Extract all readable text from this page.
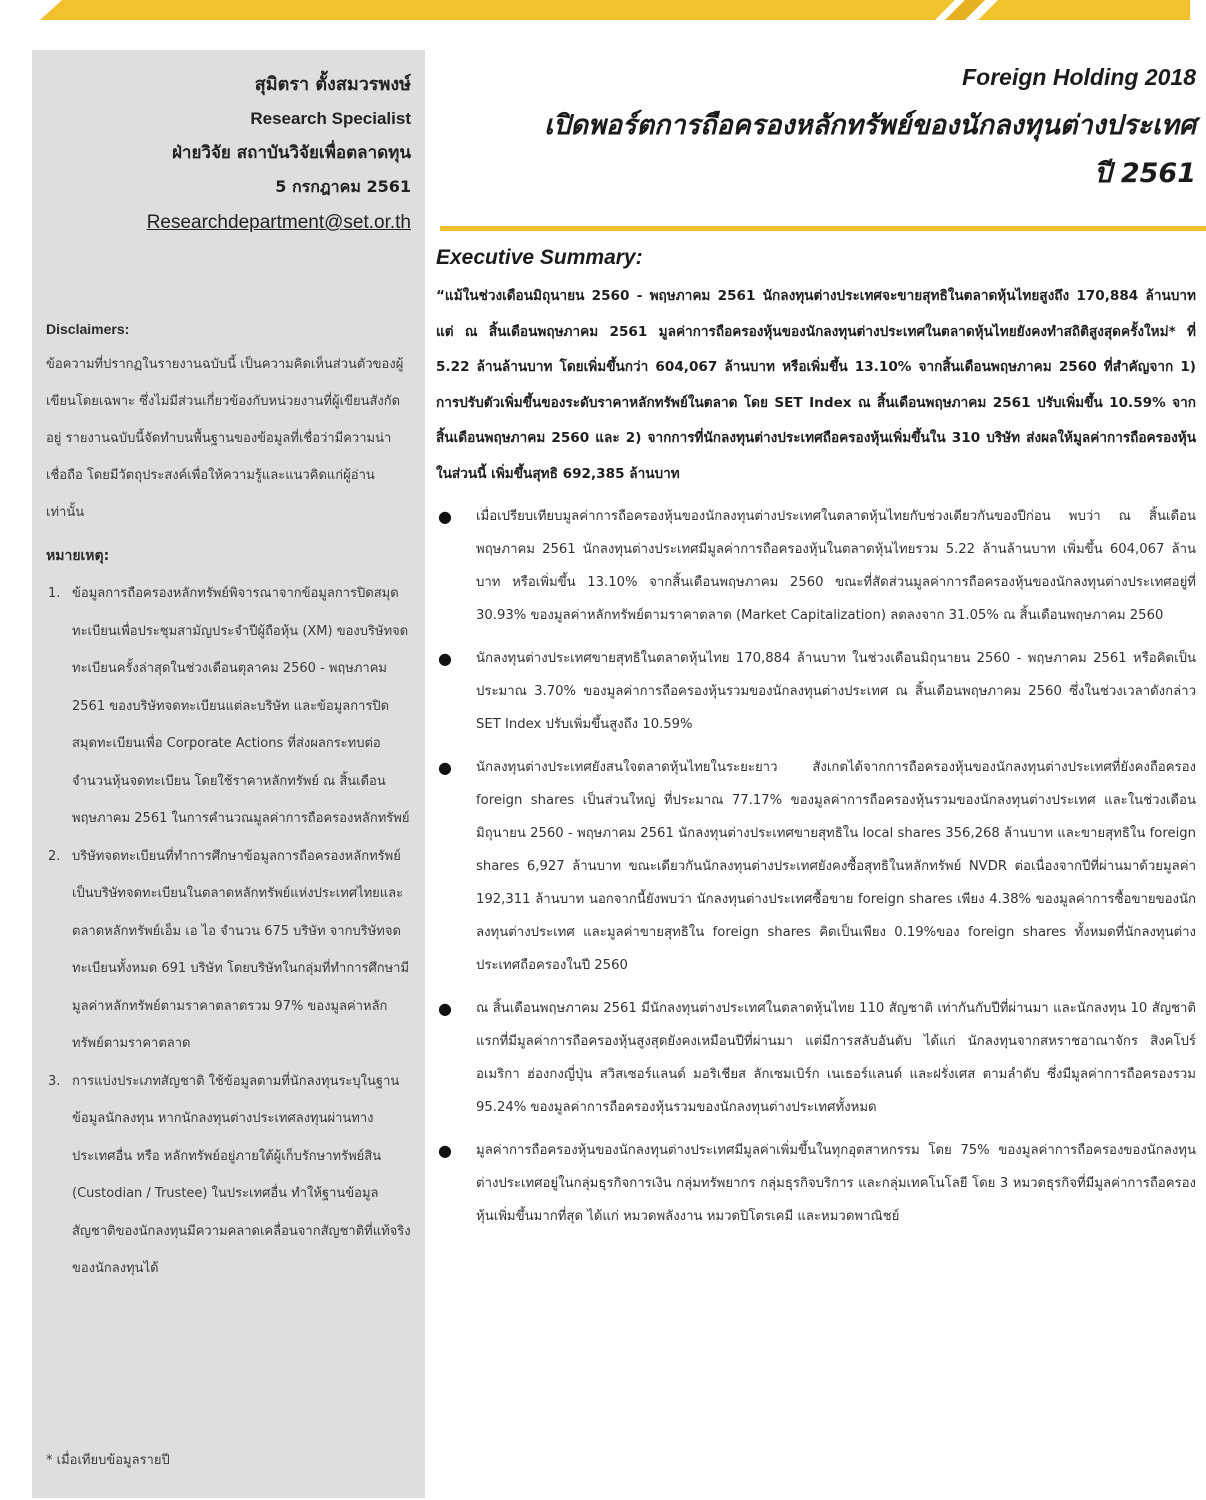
สุมิตรา ตั้งสมวรพงษ์
Research Specialist
ฝ่ายวิจัย สถาบันวิจัยเพื่อตลาดทุน
5 กรกฎาคม 2561
Researchdepartment@set.or.th
Disclaimers:
ข้อความที่ปรากฏในรายงานฉบับนี้ เป็นความคิดเห็นส่วนตัวของผู้เขียนโดยเฉพาะ ซึ่งไม่มีส่วนเกี่ยวข้องกับหน่วยงานที่ผู้เขียนสังกัดอยู่ รายงานฉบับนี้จัดทำบนพื้นฐานของข้อมูลที่เชื่อว่ามีความน่าเชื่อถือ โดยมีวัตถุประสงค์เพื่อให้ความรู้และแนวคิดแก่ผู้อ่านเท่านั้น
หมายเหตุ:
1. ข้อมูลการถือครองหลักทรัพย์พิจารณาจากข้อมูลการปิดสมุดทะเบียนเพื่อประชุมสามัญประจำปีผู้ถือหุ้น (XM) ของบริษัทจดทะเบียนครั้งล่าสุดในช่วงเดือนตุลาคม 2560 - พฤษภาคม 2561 ของบริษัทจดทะเบียนแต่ละบริษัท และข้อมูลการปิดสมุดทะเบียนเพื่อ Corporate Actions ที่ส่งผลกระทบต่อจำนวนหุ้นจดทะเบียน โดยใช้ราคาหลักทรัพย์ ณ สิ้นเดือนพฤษภาคม 2561 ในการคำนวณมูลค่าการถือครองหลักทรัพย์
2. บริษัทจดทะเบียนที่ทำการศึกษาข้อมูลการถือครองหลักทรัพย์เป็นบริษัทจดทะเบียนในตลาดหลักทรัพย์แห่งประเทศไทยและตลาดหลักทรัพย์เอ็ม เอ ไอ จำนวน 675 บริษัท จากบริษัทจดทะเบียนทั้งหมด 691 บริษัท โดยบริษัทในกลุ่มที่ทำการศึกษามีมูลค่าหลักทรัพย์ตามราคาตลาดรวม 97% ของมูลค่าหลักทรัพย์ตามราคาตลาด
3. การแบ่งประเภทสัญชาติ ใช้ข้อมูลตามที่นักลงทุนระบุในฐานข้อมูลนักลงทุน หากนักลงทุนต่างประเทศลงทุนผ่านทางประเทศอื่น หรือ หลักทรัพย์อยู่ภายใต้ผู้เก็บรักษาทรัพย์สิน (Custodian / Trustee) ในประเทศอื่น ทำให้ฐานข้อมูลสัญชาติของนักลงทุนมีความคลาดเคลื่อนจากสัญชาติที่แท้จริงของนักลงทุนได้
* เมื่อเทียบข้อมูลรายปี
Foreign Holding 2018
เปิดพอร์ตการถือครองหลักทรัพย์ของนักลงทุนต่างประเทศ
ปี 2561
Executive Summary:
“แม้ในช่วงเดือนมิถุนายน 2560 - พฤษภาคม 2561 นักลงทุนต่างประเทศจะขายสุทธิในตลาดหุ้นไทยสูงถึง 170,884 ล้านบาท แต่ ณ สิ้นเดือนพฤษภาคม 2561 มูลค่าการถือครองหุ้นของนักลงทุนต่างประเทศในตลาดหุ้นไทยยังคงทำสถิติสูงสุดครั้งใหม่* ที่ 5.22 ล้านล้านบาท โดยเพิ่มขึ้นกว่า 604,067 ล้านบาท หรือเพิ่มขึ้น 13.10% จากสิ้นเดือนพฤษภาคม 2560 ที่สำคัญจาก 1) การปรับตัวเพิ่มขึ้นของระดับราคาหลักทรัพย์ในตลาด โดย SET Index ณ สิ้นเดือนพฤษภาคม 2561 ปรับเพิ่มขึ้น 10.59% จากสิ้นเดือนพฤษภาคม 2560 และ 2) จากการที่นักลงทุนต่างประเทศถือครองหุ้นเพิ่มขึ้นใน 310 บริษัท ส่งผลให้มูลค่าการถือครองหุ้นในส่วนนี้ เพิ่มขึ้นสุทธิ 692,385 ล้านบาท
● เมื่อเปรียบเทียบมูลค่าการถือครองหุ้นของนักลงทุนต่างประเทศในตลาดหุ้นไทยกับช่วงเดียวกันของปีก่อน พบว่า ณ สิ้นเดือนพฤษภาคม 2561 นักลงทุนต่างประเทศมีมูลค่าการถือครองหุ้นในตลาดหุ้นไทยรวม 5.22 ล้านล้านบาท เพิ่มขึ้น 604,067 ล้านบาท หรือเพิ่มขึ้น 13.10% จากสิ้นเดือนพฤษภาคม 2560 ขณะที่สัดส่วนมูลค่าการถือครองหุ้นของนักลงทุนต่างประเทศอยู่ที่ 30.93% ของมูลค่าหลักทรัพย์ตามราคาตลาด (Market Capitalization) ลดลงจาก 31.05% ณ สิ้นเดือนพฤษภาคม 2560
● นักลงทุนต่างประเทศขายสุทธิในตลาดหุ้นไทย 170,884 ล้านบาท ในช่วงเดือนมิถุนายน 2560 - พฤษภาคม 2561 หรือคิดเป็นประมาณ 3.70% ของมูลค่าการถือครองหุ้นรวมของนักลงทุนต่างประเทศ ณ สิ้นเดือนพฤษภาคม 2560 ซึ่งในช่วงเวลาดังกล่าว SET Index ปรับเพิ่มขึ้นสูงถึง 10.59%
● นักลงทุนต่างประเทศยังสนใจตลาดหุ้นไทยในระยะยาว สังเกตได้จากการถือครองหุ้นของนักลงทุนต่างประเทศที่ยังคงถือครอง foreign shares เป็นส่วนใหญ่ ที่ประมาณ 77.17% ของมูลค่าการถือครองหุ้นรวมของนักลงทุนต่างประเทศ และในช่วงเดือนมิถุนายน 2560 - พฤษภาคม 2561 นักลงทุนต่างประเทศขายสุทธิใน local shares 356,268 ล้านบาท และขายสุทธิใน foreign shares 6,927 ล้านบาท ขณะเดียวกันนักลงทุนต่างประเทศยังคงซื้อสุทธิในหลักทรัพย์ NVDR ต่อเนื่องจากปีที่ผ่านมาด้วยมูลค่า 192,311 ล้านบาท นอกจากนี้ยังพบว่า นักลงทุนต่างประเทศซื้อขาย foreign shares เพียง 4.38% ของมูลค่าการซื้อขายของนักลงทุนต่างประเทศ และมูลค่าขายสุทธิใน foreign shares คิดเป็นเพียง 0.19%ของ foreign shares ทั้งหมดที่นักลงทุนต่างประเทศถือครองในปี 2560
● ณ สิ้นเดือนพฤษภาคม 2561 มีนักลงทุนต่างประเทศในตลาดหุ้นไทย 110 สัญชาติ เท่ากันกับปีที่ผ่านมา และนักลงทุน 10 สัญชาติแรกที่มีมูลค่าการถือครองหุ้นสูงสุดยังคงเหมือนปีที่ผ่านมา แต่มีการสลับอันดับ ได้แก่ นักลงทุนจากสหราชอาณาจักร สิงคโปร์ อเมริกา ฮ่องกงญี่ปุ่น สวิสเซอร์แลนด์ มอริเชียส ลักเซมเบิร์ก เนเธอร์แลนด์ และฝรั่งเศส ตามลำดับ ซึ่งมีมูลค่าการถือครองรวม 95.24% ของมูลค่าการถือครองหุ้นรวมของนักลงทุนต่างประเทศทั้งหมด
● มูลค่าการถือครองหุ้นของนักลงทุนต่างประเทศมีมูลค่าเพิ่มขึ้นในทุกอุตสาหกรรม โดย 75% ของมูลค่าการถือครองของนักลงทุนต่างประเทศอยู่ในกลุ่มธุรกิจการเงิน กลุ่มทรัพยากร กลุ่มธุรกิจบริการ และกลุ่มเทคโนโลยี โดย 3 หมวดธุรกิจที่มีมูลค่าการถือครองหุ้นเพิ่มขึ้นมากที่สุด ได้แก่ หมวดพลังงาน หมวดปิโตรเคมี และหมวดพาณิชย์
